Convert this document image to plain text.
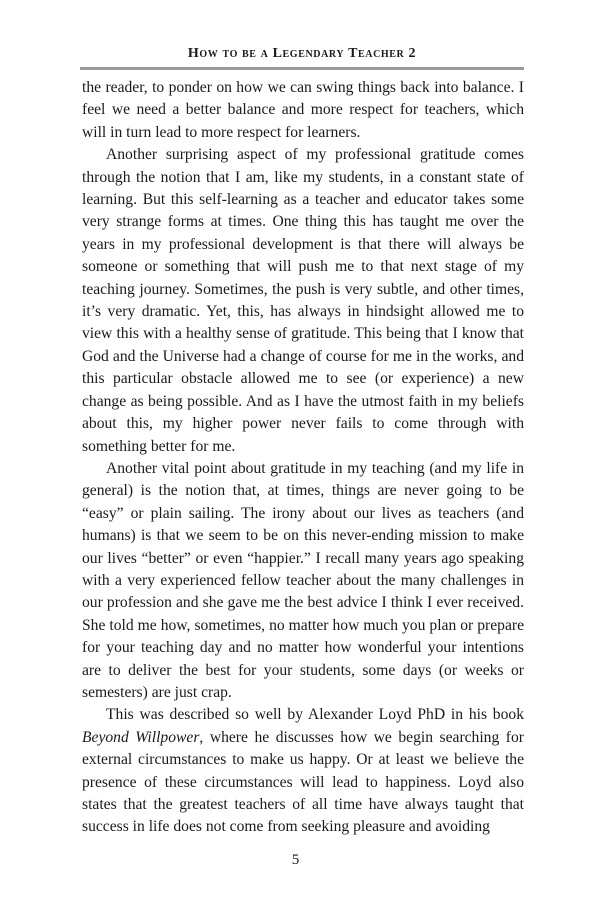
How to be a Legendary Teacher 2

the reader, to ponder on how we can swing things back into balance. I feel we need a better balance and more respect for teachers, which will in turn lead to more respect for learners.

Another surprising aspect of my professional gratitude comes through the notion that I am, like my students, in a constant state of learning. But this self-learning as a teacher and educator takes some very strange forms at times. One thing this has taught me over the years in my professional development is that there will always be someone or something that will push me to that next stage of my teaching journey. Sometimes, the push is very subtle, and other times, it’s very dramatic. Yet, this, has always in hindsight allowed me to view this with a healthy sense of gratitude. This being that I know that God and the Universe had a change of course for me in the works, and this particular obstacle allowed me to see (or experience) a new change as being possible. And as I have the utmost faith in my beliefs about this, my higher power never fails to come through with something better for me.

Another vital point about gratitude in my teaching (and my life in general) is the notion that, at times, things are never going to be “easy” or plain sailing. The irony about our lives as teachers (and humans) is that we seem to be on this never-ending mission to make our lives “better” or even “happier.” I recall many years ago speaking with a very experienced fellow teacher about the many challenges in our profession and she gave me the best advice I think I ever received. She told me how, sometimes, no matter how much you plan or prepare for your teaching day and no matter how wonderful your intentions are to deliver the best for your students, some days (or weeks or semesters) are just crap.

This was described so well by Alexander Loyd PhD in his book Beyond Willpower, where he discusses how we begin searching for external circumstances to make us happy. Or at least we believe the presence of these circumstances will lead to happiness. Loyd also states that the greatest teachers of all time have always taught that success in life does not come from seeking pleasure and avoiding

5
